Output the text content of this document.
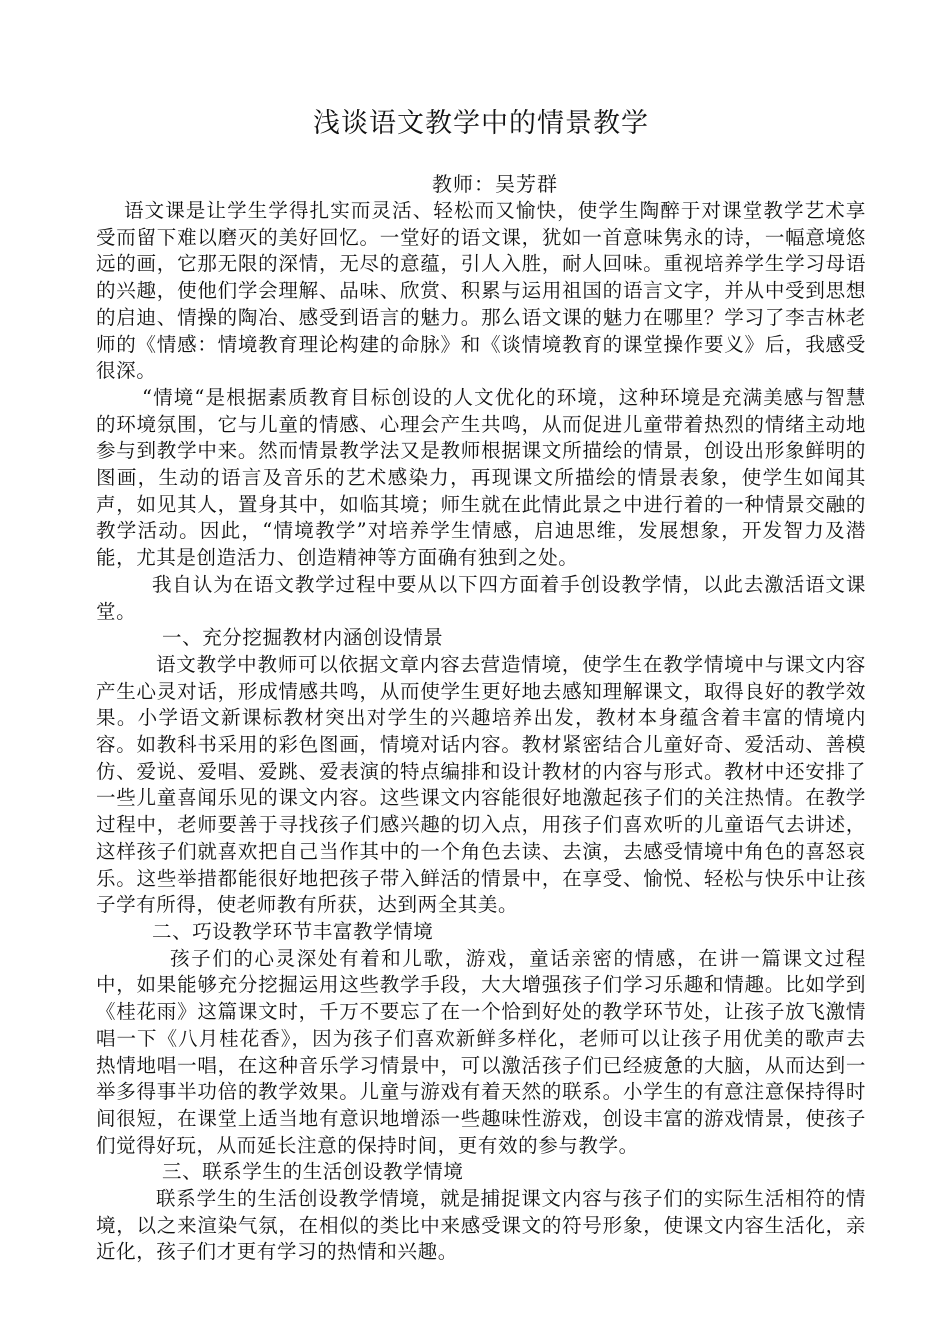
浅谈语文教学中的情景教学
教师：吴芳群

语文课是让学生学得扎实而灵活、轻松而又愉快，使学生陶醉于对课堂教学艺术享受而留下难以磨灭的美好回忆。一堂好的语文课，犹如一首意味隽永的诗，一幅意境悠远的画，它那无限的深情，无尽的意蕴，引人入胜，耐人回味。重视培养学生学习母语的兴趣，使他们学会理解、品味、欣赏、积累与运用祖国的语言文字，并从中受到思想的启迪、情操的陶冶、感受到语言的魅力。那么语文课的魅力在哪里？学习了李吉林老师的《情感：情境教育理论构建的命脉》和《谈情境教育的课堂操作要义》后，我感受很深。

“情境“是根据素质教育目标创设的人文优化的环境，这种环境是充满美感与智慧的环境氛围，它与儿童的情感、心理会产生共鸣，从而促进儿童带着热烈的情绪主动地参与到教学中来。然而情景教学法又是教师根据课文所描绘的情景，创设出形象鲜明的图画，生动的语言及音乐的艺术感染力，再现课文所描绘的情景表象，使学生如闻其声，如见其人，置身其中，如临其境；师生就在此情此景之中进行着的一种情景交融的教学活动。因此，“情境教学”对培养学生情感，启迪思维，发展想象，开发智力及潜能，尤其是创造活力、创造精神等方面确有独到之处。

我自认为在语文教学过程中要从以下四方面着手创设教学情，以此去激活语文课堂。

一、充分挖掘教材内涵创设情景

语文教学中教师可以依据文章内容去营造情境，使学生在教学情境中与课文内容产生心灵对话，形成情感共鸣，从而使学生更好地去感知理解课文，取得良好的教学效果。小学语文新课标教材突出对学生的兴趣培养出发，教材本身蕴含着丰富的情境内容。如教科书采用的彩色图画，情境对话内容。教材紧密结合儿童好奇、爱活动、善模仿、爱说、爱唱、爱跳、爱表演的特点编排和设计教材的内容与形式。教材中还安排了一些儿童喜闻乐见的课文内容。这些课文内容能很好地激起孩子们的关注热情。在教学过程中，老师要善于寻找孩子们感兴趣的切入点，用孩子们喜欢听的儿童语气去讲述，这样孩子们就喜欢把自己当作其中的一个角色去读、去演，去感受情境中角色的喜怒哀乐。这些举措都能很好地把孩子带入鲜活的情景中，在享受、愉悦、轻松与快乐中让孩子学有所得，使老师教有所获，达到两全其美。

二、巧设教学环节丰富教学情境

孩子们的心灵深处有着和儿歌，游戏，童话亲密的情感，在讲一篇课文过程中，如果能够充分挖掘运用这些教学手段，大大增强孩子们学习乐趣和情趣。比如学到《桂花雨》这篇课文时，千万不要忘了在一个恰到好处的教学环节处，让孩子放飞激情唱一下《八月桂花香》，因为孩子们喜欢新鲜多样化，老师可以让孩子用优美的歌声去热情地唱一唱，在这种音乐学习情景中，可以激活孩子们已经疲惫的大脑，从而达到一举多得事半功倍的教学效果。儿童与游戏有着天然的联系。小学生的有意注意保持得时间很短，在课堂上适当地有意识地增添一些趣味性游戏，创设丰富的游戏情景，使孩子们觉得好玩，从而延长注意的保持时间，更有效的参与教学。

三、联系学生的生活创设教学情境

联系学生的生活创设教学情境，就是捕捉课文内容与孩子们的实际生活相符的情境，以之来渲染气氛，在相似的类比中来感受课文的符号形象，使课文内容生活化，亲近化，孩子们才更有学习的热情和兴趣。
